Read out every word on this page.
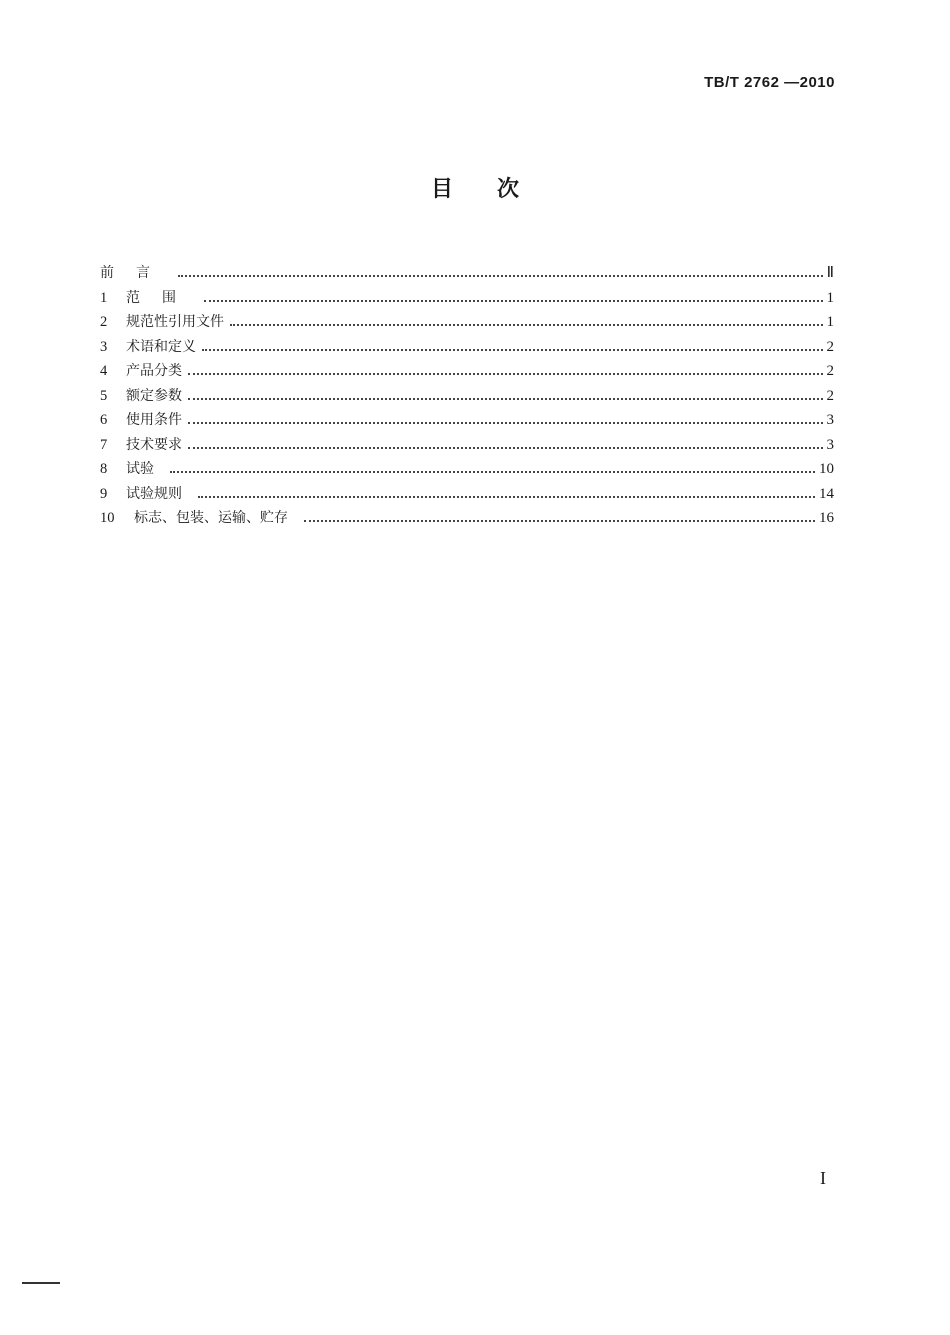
TB/T 2762 —2010
目次
前言	Ⅱ
1	范围	1
2	规范性引用文件	1
3	术语和定义	2
4	产品分类	2
5	额定参数	2
6	使用条件	3
7	技术要求	3
8	试验	10
9	试验规则	14
10	标志、包装、运输、贮存	16
I
